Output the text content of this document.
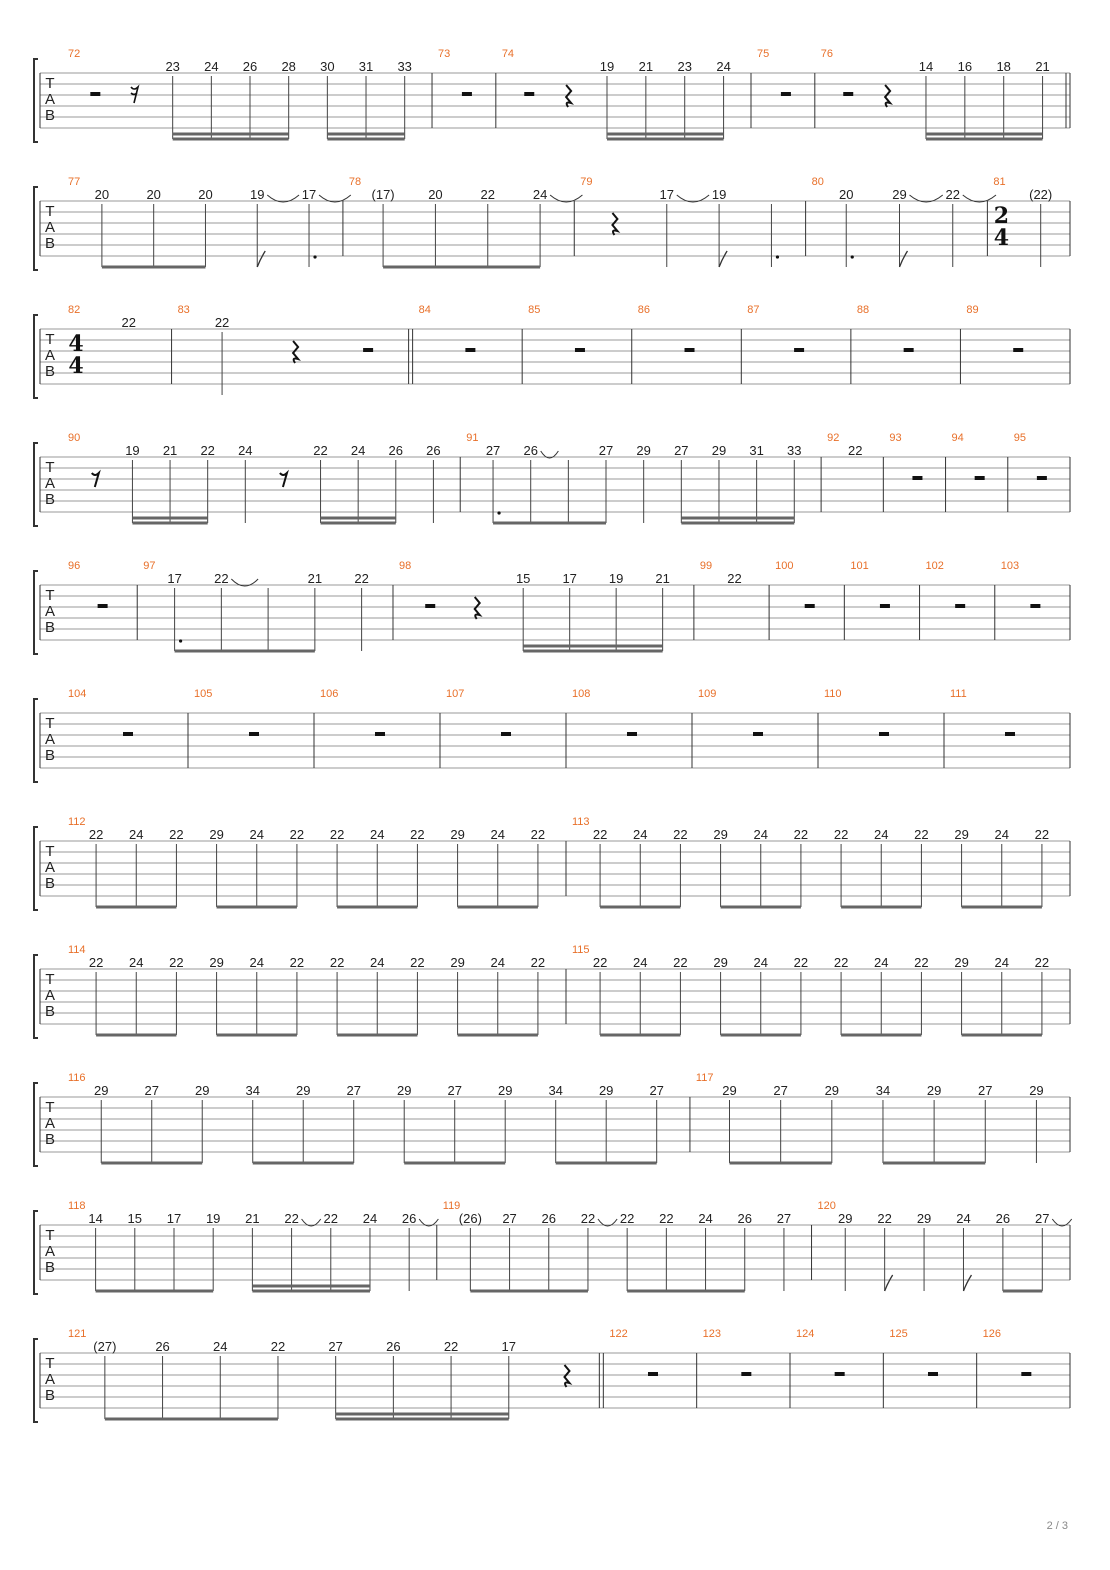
T
A
B
72
23 24 26 28 30 31 33
73	74
19 21 23 24
75	76
14 16 18 21
T
A
B
77
20	20	20	19	17
78
(17)	20	22	24
79
17	19
80
20	29	22
81
2
4
(22)
T
A
B
82
4
4
22
83
22
84	85	86	87	88	89
T
A
B
90
19 21 22 24	22 24 26 26
91
27 26	27 29 27 29 31 33
92
22
93	94	95
T
A
B
96	97
17 22	21 22
98
15 17 19 21
99
22
100	101	102	103
T
A
B
104	105	106	107	108	109	110	111
T
A
B
112
22 24 22 29 24 22 22 24 22 29 24 22
113
22 24 22 29 24 22 22 24 22 29 24 22
T
A
B
114
22 24 22 29 24 22 22 24 22 29 24 22
115
22 24 22 29 24 22 22 24 22 29 24 22
T
A
B
116
29	27	29	34	29	27	29	27	29	34	29	27
117
29	27	29	34	29	27	29
T
A
B
118
14 15 17 19 21 22 22 24 26
119
(26) 27 26 22 22 22 24 26 27
120
29 22 29 24 26 27
T
A
B
121
(27)	26	24	22	27	26	22	17
122	123	124	125	126
2 / 3
